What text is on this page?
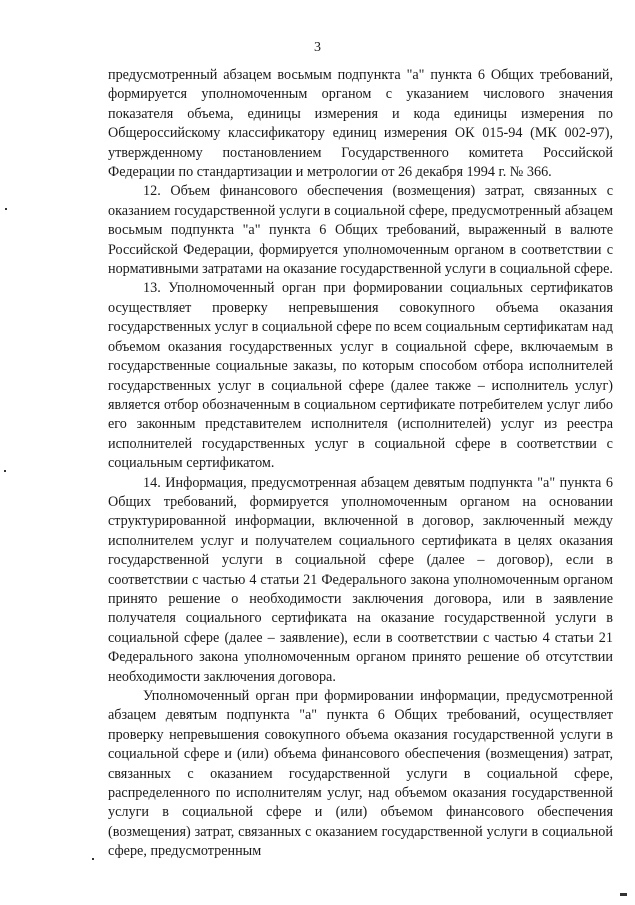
3

предусмотренный абзацем восьмым подпункта "а" пункта 6 Общих требований, формируется уполномоченным органом с указанием числового значения показателя объема, единицы измерения и кода единицы измерения по Общероссийскому классификатору единиц измерения ОК 015-94 (МК 002-97), утвержденному постановлением Государственного комитета Российской Федерации по стандартизации и метрологии от 26 декабря 1994 г. № 366.

12. Объем финансового обеспечения (возмещения) затрат, связанных с оказанием государственной услуги в социальной сфере, предусмотренный абзацем восьмым подпункта "а" пункта 6 Общих требований, выраженный в валюте Российской Федерации, формируется уполномоченным органом в соответствии с нормативными затратами на оказание государственной услуги в социальной сфере.

13. Уполномоченный орган при формировании социальных сертификатов осуществляет проверку непревышения совокупного объема оказания государственных услуг в социальной сфере по всем социальным сертификатам над объемом оказания государственных услуг в социальной сфере, включаемым в государственные социальные заказы, по которым способом отбора исполнителей государственных услуг в социальной сфере (далее также – исполнитель услуг) является отбор обозначенным в социальном сертификате потребителем услуг либо его законным представителем исполнителя (исполнителей) услуг из реестра исполнителей государственных услуг в социальной сфере в соответствии с социальным сертификатом.

14. Информация, предусмотренная абзацем девятым подпункта "а" пункта 6 Общих требований, формируется уполномоченным органом на основании структурированной информации, включенной в договор, заключенный между исполнителем услуг и получателем социального сертификата в целях оказания государственной услуги в социальной сфере (далее – договор), если в соответствии с частью 4 статьи 21 Федерального закона уполномоченным органом принято решение о необходимости заключения договора, или в заявление получателя социального сертификата на оказание государственной услуги в социальной сфере (далее – заявление), если в соответствии с частью 4 статьи 21 Федерального закона уполномоченным органом принято решение об отсутствии необходимости заключения договора.

Уполномоченный орган при формировании информации, предусмотренной абзацем девятым подпункта "а" пункта 6 Общих требований, осуществляет проверку непревышения совокупного объема оказания государственной услуги в социальной сфере и (или) объема финансового обеспечения (возмещения) затрат, связанных с оказанием государственной услуги в социальной сфере, распределенного по исполнителям услуг, над объемом оказания государственной услуги в социальной сфере и (или) объемом финансового обеспечения (возмещения) затрат, связанных с оказанием государственной услуги в социальной сфере, предусмотренным
